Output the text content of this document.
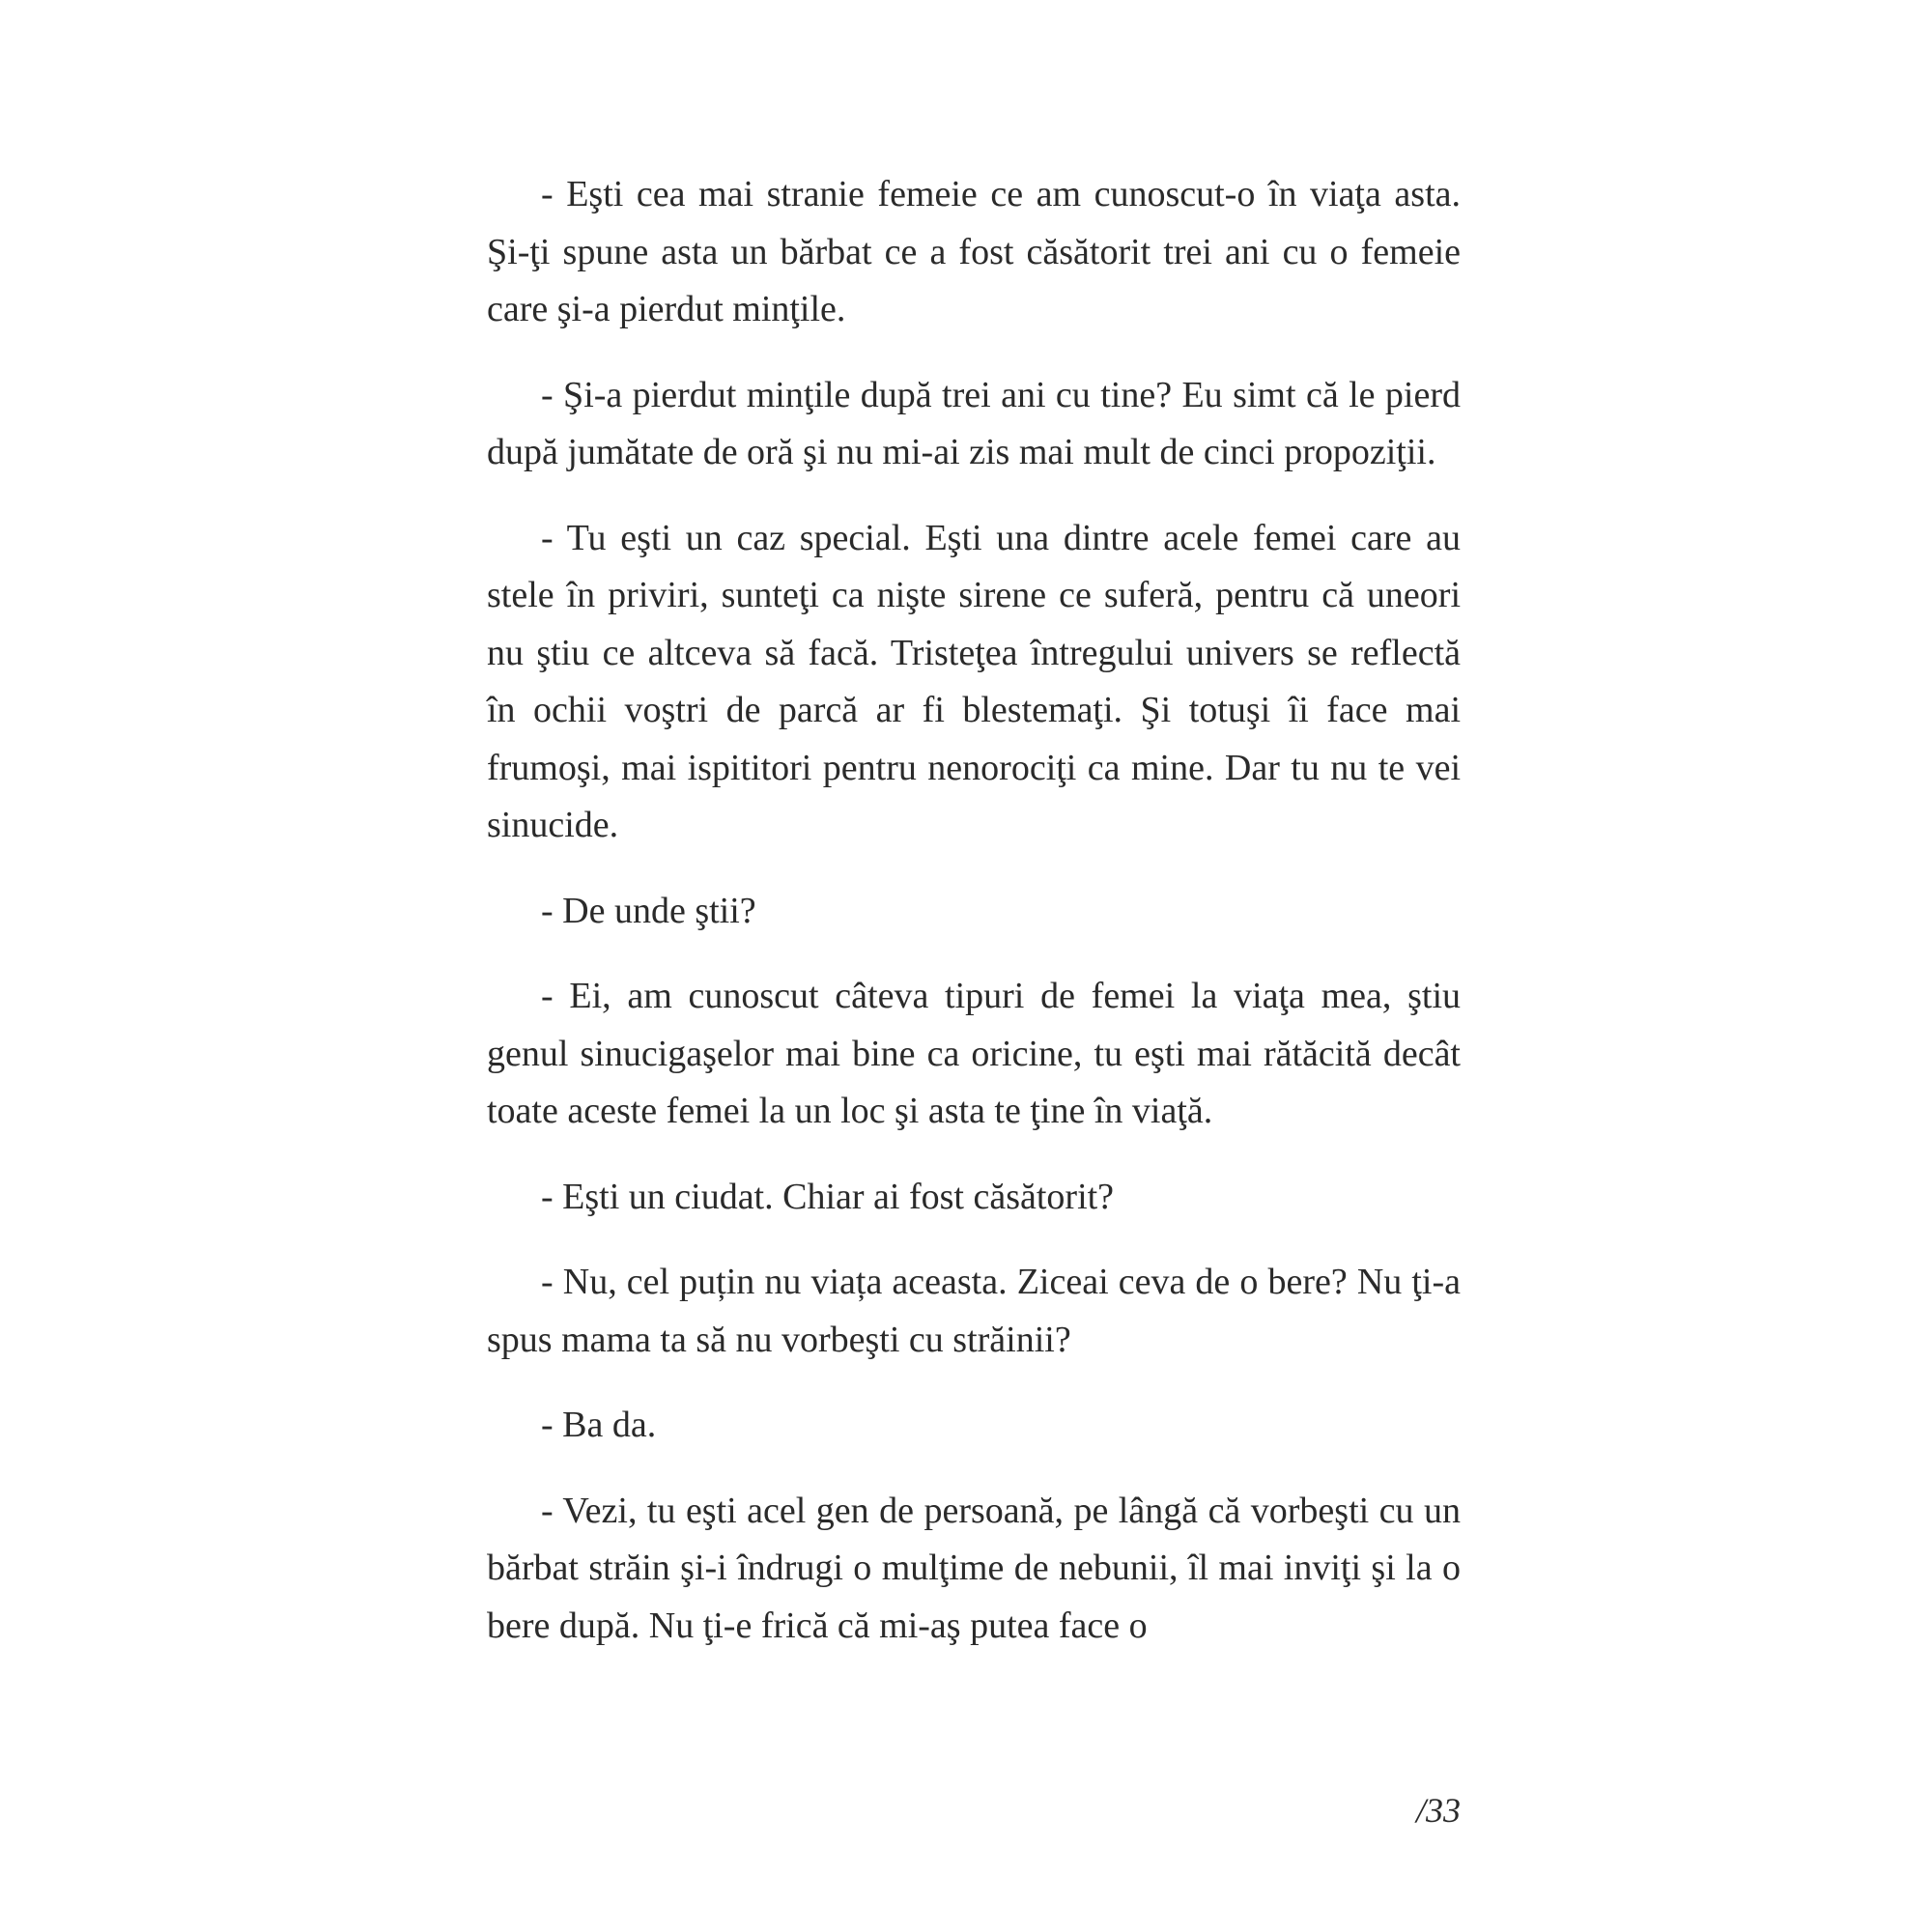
- Eşti cea mai stranie femeie ce am cunoscut-o în viaţa asta. Şi-ţi spune asta un bărbat ce a fost căsătorit trei ani cu o femeie care şi-a pierdut minţile.

- Şi-a pierdut minţile după trei ani cu tine? Eu simt că le pierd după jumătate de oră şi nu mi-ai zis mai mult de cinci propoziţii.

- Tu eşti un caz special. Eşti una dintre acele femei care au stele în priviri, sunteţi ca nişte sirene ce suferă, pentru că uneori nu ştiu ce altceva să facă. Tristeţea întregului univers se reflectă în ochii voştri de parcă ar fi blestemaţi. Şi totuşi îi face mai frumoşi, mai ispititori pentru nenorociţi ca mine. Dar tu nu te vei sinucide.

- De unde ştii?

- Ei, am cunoscut câteva tipuri de femei la viaţa mea, ştiu genul sinucigaşelor mai bine ca oricine, tu eşti mai rătăcită decât toate aceste femei la un loc şi asta te ţine în viaţă.

- Eşti un ciudat. Chiar ai fost căsătorit?

- Nu, cel puțin nu viața aceasta. Ziceai ceva de o bere? Nu ţi-a spus mama ta să nu vorbeşti cu străinii?

- Ba da.

- Vezi, tu eşti acel gen de persoană, pe lângă că vorbeşti cu un bărbat străin şi-i îndrugi o mulţime de nebunii, îl mai inviţi şi la o bere după. Nu ţi-e frică că mi-aş putea face o

/33
